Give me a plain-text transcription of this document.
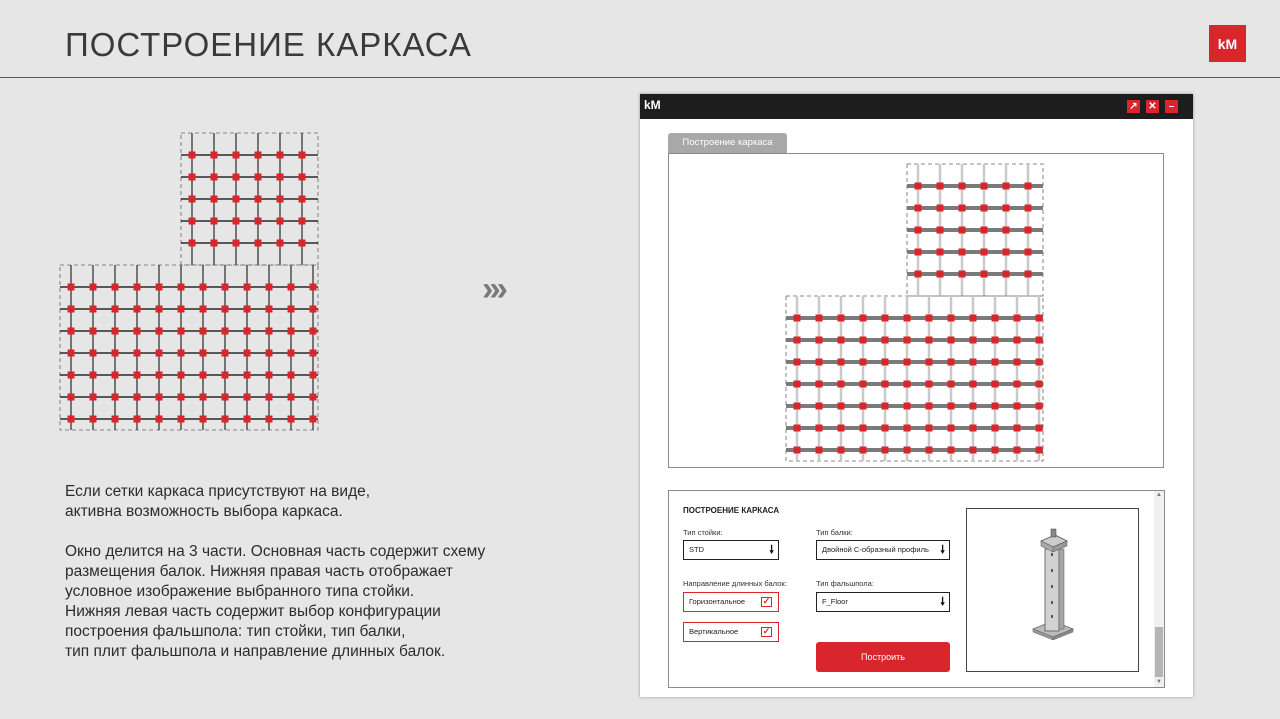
ПОСТРОЕНИЕ КАРКАСА	kM
›››

Если сетки каркаса присутствуют на виде,
активна возможность выбора каркаса.

Окно делится на 3 части. Основная часть содержит схему
размещения балок. Нижняя правая часть отображает
условное изображение выбранного типа стойки.
Нижняя левая часть содержит выбор конфигурации
построения фальшпола: тип стойки, тип балки,
тип плит фальшпола и направление длинных балок.

kM	↗ ✕	–
Построение каркаса
▲
▼
ПОСТРОЕНИЕ КАРКАСА
Тип стойки:
STD	🠗
Тип балки:
Двойной С-образный профиль 🠗
Направление длинных балок:
Горизонтальное ✓
Вертикальное	✓
Тип фальшпола:
F_Floor	🠗
Построить
